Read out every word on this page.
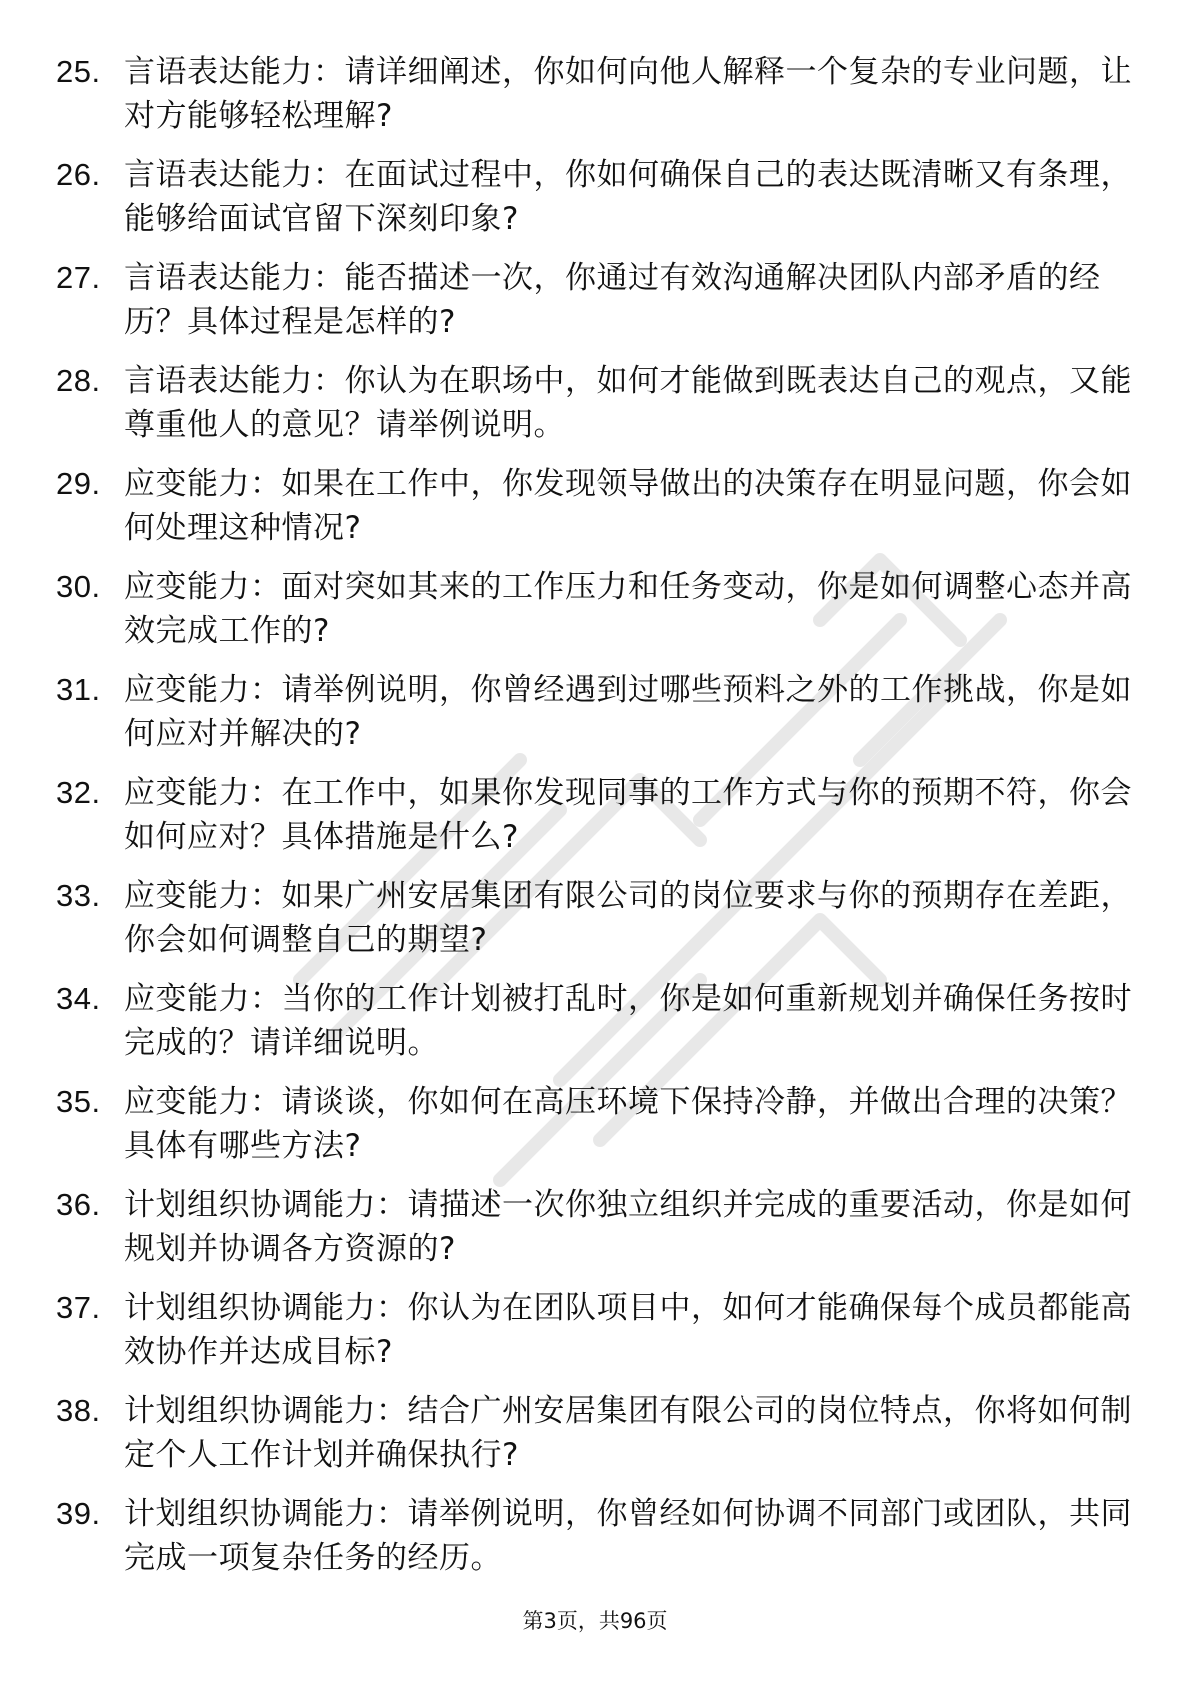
25. 言语表达能力：请详细阐述，你如何向他人解释一个复杂的专业问题，让对方能够轻松理解?
26. 言语表达能力：在面试过程中，你如何确保自己的表达既清晰又有条理，能够给面试官留下深刻印象?
27. 言语表达能力：能否描述一次，你通过有效沟通解决团队内部矛盾的经历？具体过程是怎样的?
28. 言语表达能力：你认为在职场中，如何才能做到既表达自己的观点，又能尊重他人的意见？请举例说明。
29. 应变能力：如果在工作中，你发现领导做出的决策存在明显问题，你会如何处理这种情况?
30. 应变能力：面对突如其来的工作压力和任务变动，你是如何调整心态并高效完成工作的?
31. 应变能力：请举例说明，你曾经遇到过哪些预料之外的工作挑战，你是如何应对并解决的?
32. 应变能力：在工作中，如果你发现同事的工作方式与你的预期不符，你会如何应对？具体措施是什么?
33. 应变能力：如果广州安居集团有限公司的岗位要求与你的预期存在差距，你会如何调整自己的期望?
34. 应变能力：当你的工作计划被打乱时，你是如何重新规划并确保任务按时完成的？请详细说明。
35. 应变能力：请谈谈，你如何在高压环境下保持冷静，并做出合理的决策？具体有哪些方法?
36. 计划组织协调能力：请描述一次你独立组织并完成的重要活动，你是如何规划并协调各方资源的?
37. 计划组织协调能力：你认为在团队项目中，如何才能确保每个成员都能高效协作并达成目标?
38. 计划组织协调能力：结合广州安居集团有限公司的岗位特点，你将如何制定个人工作计划并确保执行?
39. 计划组织协调能力：请举例说明，你曾经如何协调不同部门或团队，共同完成一项复杂任务的经历。
第3页，共96页
